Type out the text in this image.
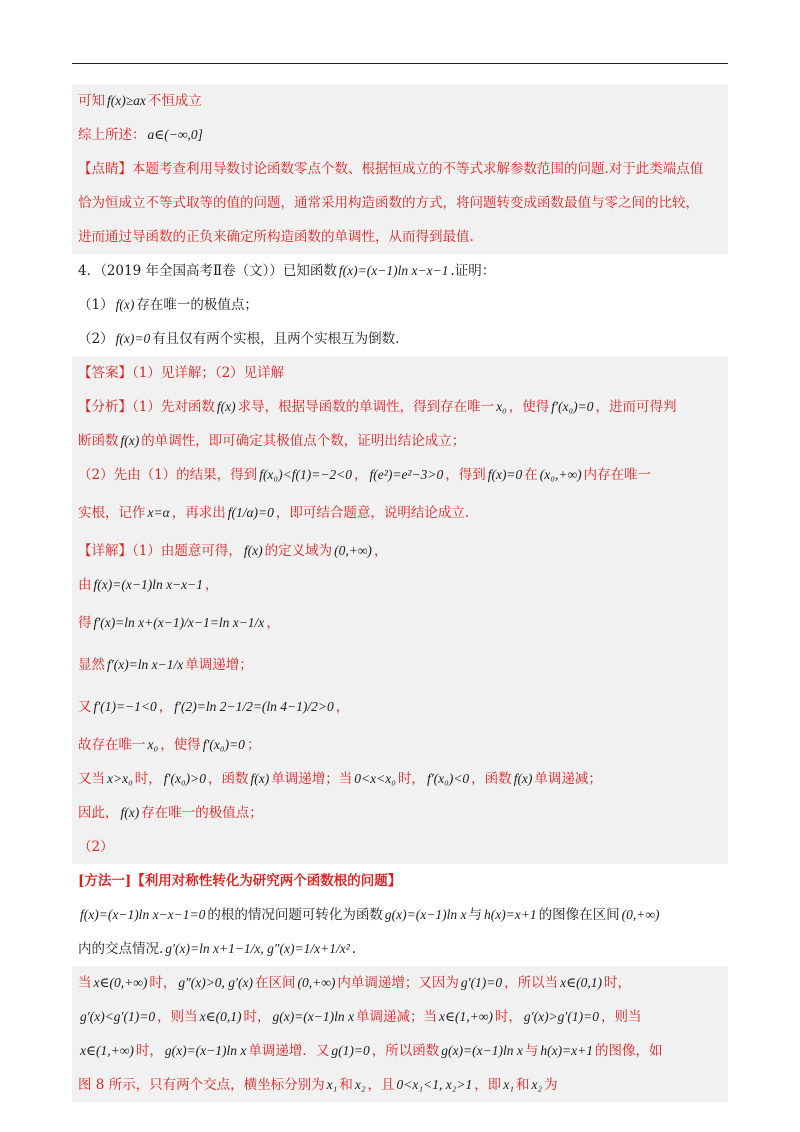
可知 f(x)≥ax 不恒成立
综上所述： a∈(−∞,0]
【点睛】本题考查利用导数讨论函数零点个数、根据恒成立的不等式求解参数范围的问题.对于此类端点值
恰为恒成立不等式取等的值的问题，通常采用构造函数的方式，将问题转变成函数最值与零之间的比较，
进而通过导函数的正负来确定所构造函数的单调性，从而得到最值.
4．（2019 年全国高考Ⅱ卷（文））已知函数 f(x)=(x−1)ln x−x−1 .证明：
（1） f(x) 存在唯一的极值点；
（2） f(x)=0 有且仅有两个实根，且两个实根互为倒数.
【答案】（1）见详解；（2）见详解
【分析】（1）先对函数 f(x) 求导，根据导函数的单调性，得到存在唯一 x₀ ，使得 f′(x₀)=0 ，进而可得判
断函数 f(x) 的单调性，即可确定其极值点个数，证明出结论成立；
（2）先由（1）的结果，得到 f(x₀)<f(1)=−2<0 ， f(e²)=e²−3>0 ，得到 f(x)=0 在 (x₀,+∞) 内存在唯一
实根，记作 x=α ，再求出 f(1/α)=0 ，即可结合题意，说明结论成立.
【详解】（1）由题意可得， f(x) 的定义域为 (0,+∞) ，
由 f(x)=(x−1)ln x−x−1 ，
得 f′(x)=ln x+(x−1)/x−1=ln x−1/x ，
显然 f′(x)=ln x−1/x 单调递增；
又 f′(1)=−1<0 ， f′(2)=ln 2−1/2=(ln 4−1)/2>0 ，
故存在唯一 x₀ ，使得 f′(x₀)=0 ；
又当 x>x₀ 时， f′(x₀)>0 ，函数 f(x) 单调递增；当 0<x<x₀ 时， f′(x₀)<0 ，函数 f(x) 单调递减；
因此， f(x) 存在唯一的极值点；
（2）
[方法一]【利用对称性转化为研究两个函数根的问题】
f(x)=(x−1)ln x−x−1=0 的根的情况问题可转化为函数 g(x)=(x−1)ln x 与 h(x)=x+1 的图像在区间 (0,+∞)
内的交点情况. g′(x)=ln x+1−1/x, g″(x)=1/x+1/x² .
当 x∈(0,+∞) 时， g″(x)>0, g′(x) 在区间 (0,+∞) 内单调递增；又因为 g′(1)=0 ，所以当 x∈(0,1) 时，
g′(x)<g′(1)=0 ，则当 x∈(0,1) 时， g(x)=(x−1)ln x 单调递减；当 x∈(1,+∞) 时， g′(x)>g′(1)=0 ，则当
x∈(1,+∞) 时， g(x)=(x−1)ln x 单调递增．又 g(1)=0 ，所以函数 g(x)=(x−1)ln x 与 h(x)=x+1 的图像，如
图 8 所示，只有两个交点，横坐标分别为 x₁ 和 x₂ ，且 0<x₁<1, x₂>1 ，即 x₁ 和 x₂ 为
